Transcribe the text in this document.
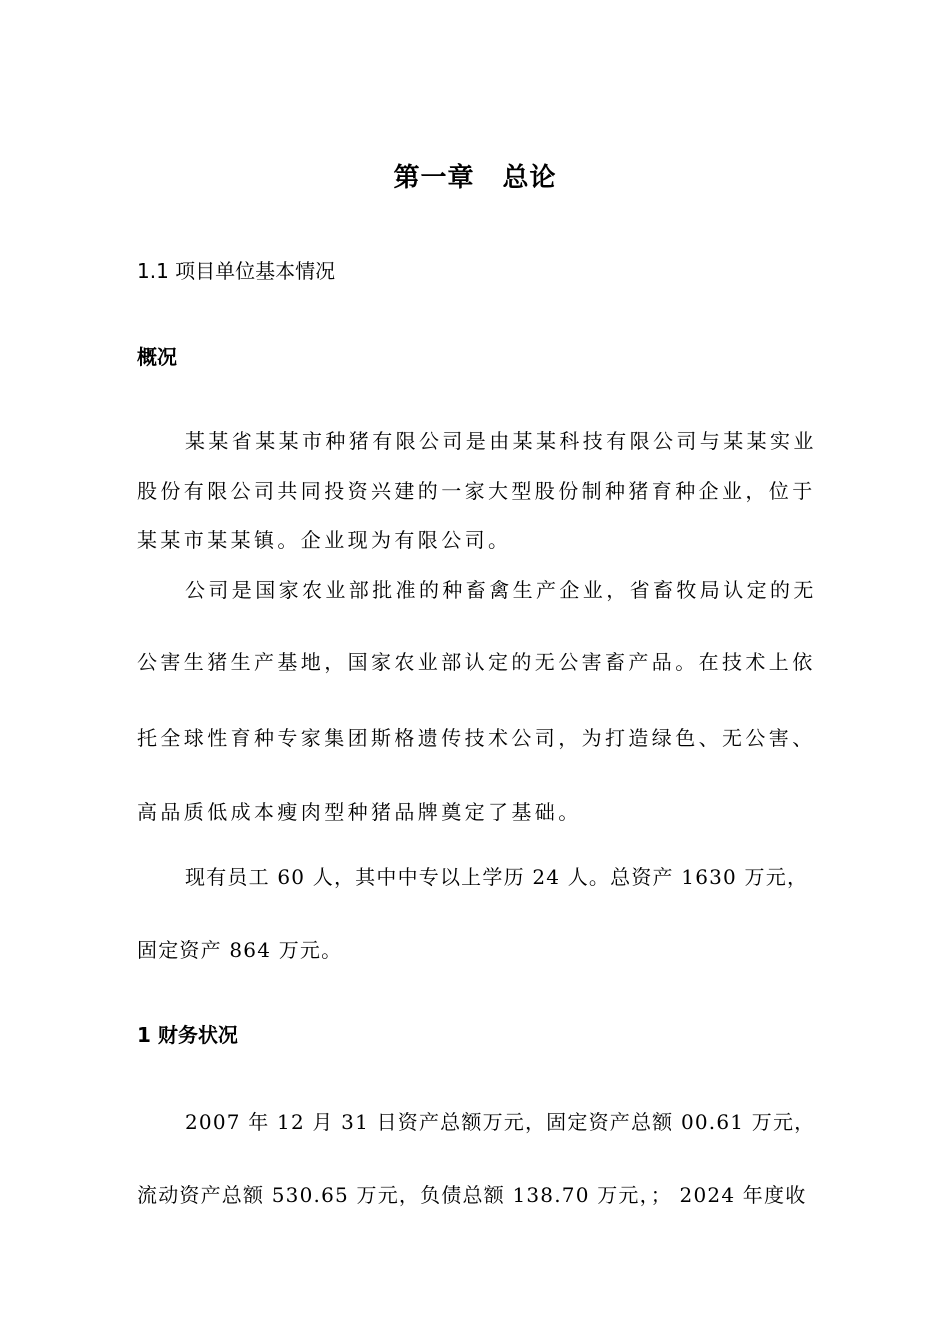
第一章 总论
1.1 项目单位基本情况
概况
某某省某某市种猪有限公司是由某某科技有限公司与某某实业
股份有限公司共同投资兴建的一家大型股份制种猪育种企业，位于
某某市某某镇。企业现为有限公司。
公司是国家农业部批准的种畜禽生产企业，省畜牧局认定的无
公害生猪生产基地，国家农业部认定的无公害畜产品。在技术上依
托全球性育种专家集团斯格遗传技术公司，为打造绿色、无公害、
高品质低成本瘦肉型种猪品牌奠定了基础。
现有员工 60 人，其中中专以上学历 24 人。总资产 1630 万元，
固定资产 864 万元。
1 财务状况
2007 年 12 月 31 日资产总额万元，固定资产总额 00.61 万元，
流动资产总额 530.65 万元，负债总额 138.70 万元，； 2024 年度收
